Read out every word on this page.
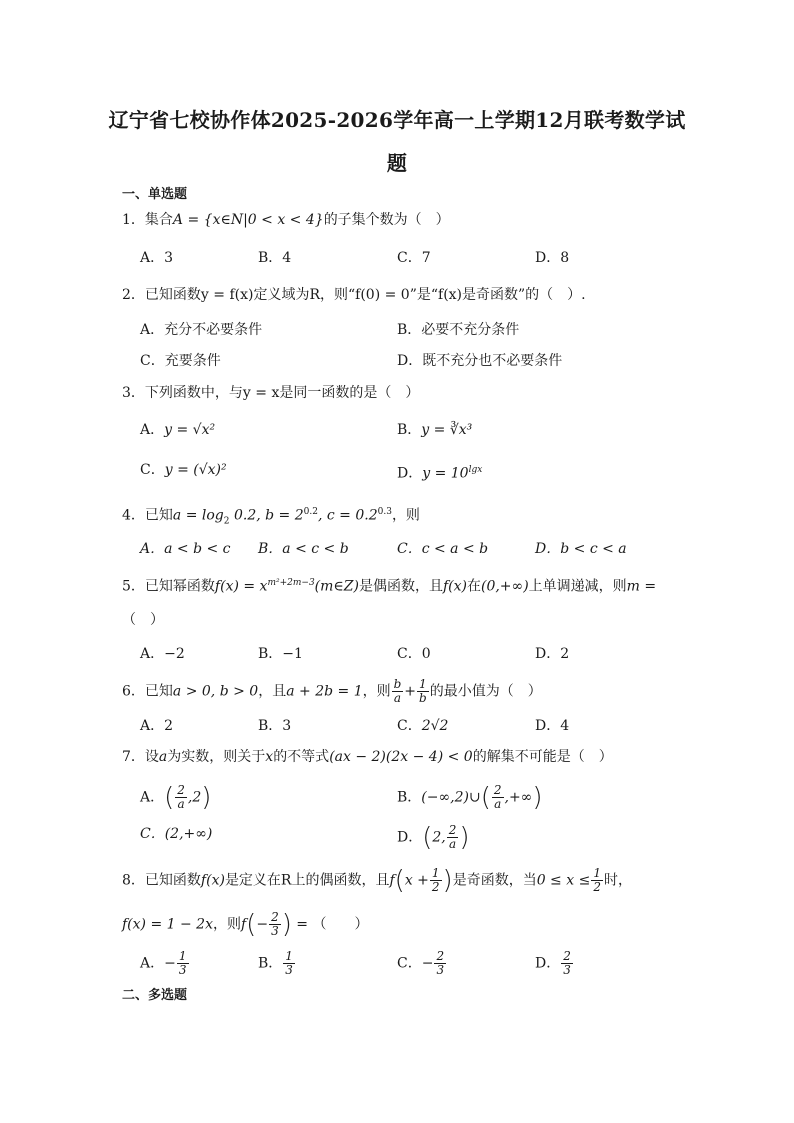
辽宁省七校协作体2025-2026学年高一上学期12月联考数学试
题
一、单选题
1．集合A = {x∈N|0 < x < 4}的子集个数为（　）
A．3	B．4	C．7	D．8
2．已知函数y = f(x)定义域为R，则“f(0) = 0”是“f(x)是奇函数”的（　）.
A．充分不必要条件	B．必要不充分条件
C．充要条件	D．既不充分也不必要条件
3．下列函数中，与y = x是同一函数的是（　）
A．y = √x²	B．y = ∛x³
C．y = (√x)²	D．$y = 10^{lgx}$
4．已知$a = \log_2 0.2$, $b = 2^{0.2}$, $c = 0.2^{0.3}$，则
A．a < b < c B．a < c < b	C．c < a < b	D．b < c < a
5．已知幂函数$f(x) = x^{m^2+2m-3}(m\in Z)$是偶函数，且f(x)在(0,+∞)上单调递减，则m =
（　）
A．−2	B．−1	C．0	D．2
6．已知a > 0, b > 0，且a + 2b = 1，则 $\frac{b}{a} + \frac{1}{b}$ 的最小值为（　）
A．2	B．3	C．2√2	D．4
7．设a为实数，则关于x的不等式(ax − 2)(2x − 4) < 0的解集不可能是（　）
A．( $\frac{2}{a} ,2$)	B．(−∞,2)∪( $\frac{2}{a}$ ,+∞)
C．(2,+∞)	D．(2, $\frac{2}{a}$ )
8．已知函数f(x)是定义在R上的偶函数，且$f(x + \frac{1}{2}$ )是奇函数，当$0 \le x \le \frac{1}{2}$ 时，
f(x) = 1 − 2x，则$f(- \frac{2}{3}$ ) = （　　）
A．− $\frac{1}{3}$	B． $\frac{1}{3}$	C．− $\frac{2}{3}$	D． $\frac{2}{3}$
二、多选题
